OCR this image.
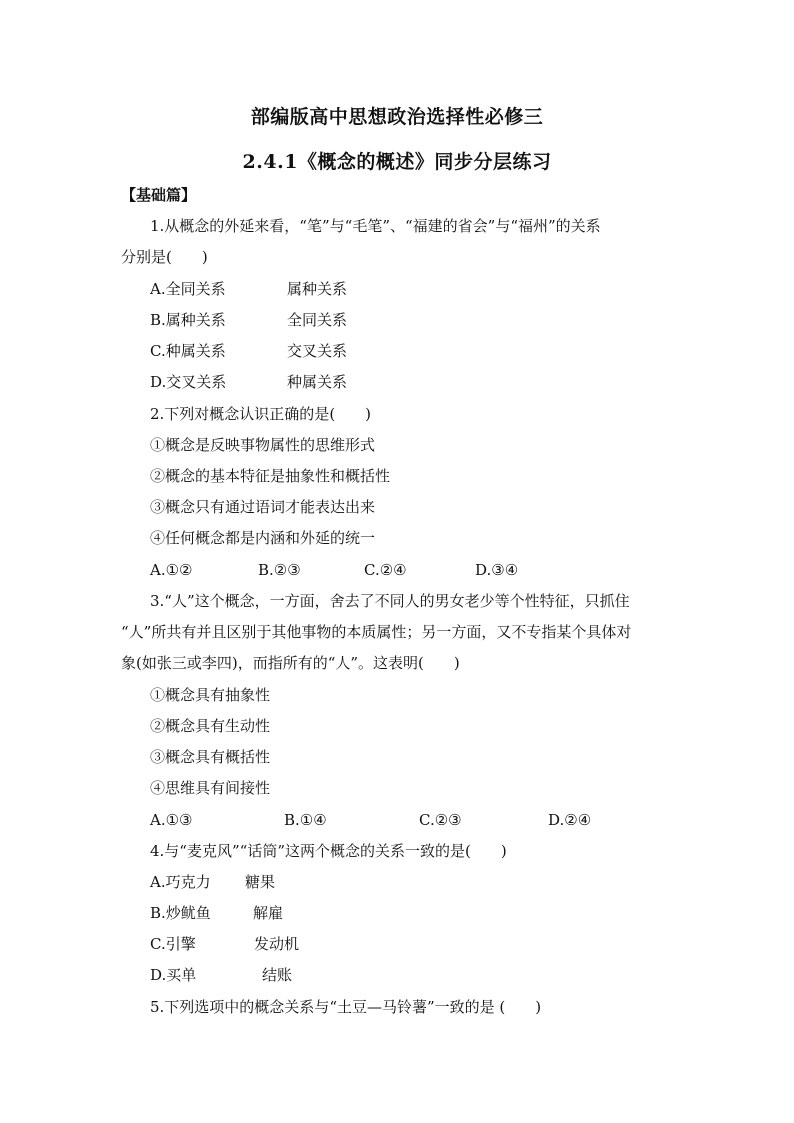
部编版高中思想政治选择性必修三
2.4.1《概念的概述》同步分层练习
【基础篇】
1.从概念的外延来看，“笔”与“毛笔”、“福建的省会”与“福州”的关系
分别是(　　)
A.全同关系	属种关系
B.属种关系	全同关系
C.种属关系	交叉关系
D.交叉关系	种属关系
2.下列对概念认识正确的是(　　)
①概念是反映事物属性的思维形式
②概念的基本特征是抽象性和概括性
③概念只有通过语词才能表达出来
④任何概念都是内涵和外延的统一
A.①②	B.②③	C.②④	D.③④
3.“人”这个概念，一方面，舍去了不同人的男女老少等个性特征，只抓住
“人”所共有并且区别于其他事物的本质属性；另一方面，又不专指某个具体对
象(如张三或李四)，而指所有的“人”。这表明(　　)
①概念具有抽象性
②概念具有生动性
③概念具有概括性
④思维具有间接性
A.①③	B.①④	C.②③	D.②④
4.与“麦克风”“话筒”这两个概念的关系一致的是(　　)
A.巧克力 糖果
B.炒鱿鱼	解雇
C.引擎	发动机
D.买单	结账
5.下列选项中的概念关系与“土豆—马铃薯”一致的是 (　　)
